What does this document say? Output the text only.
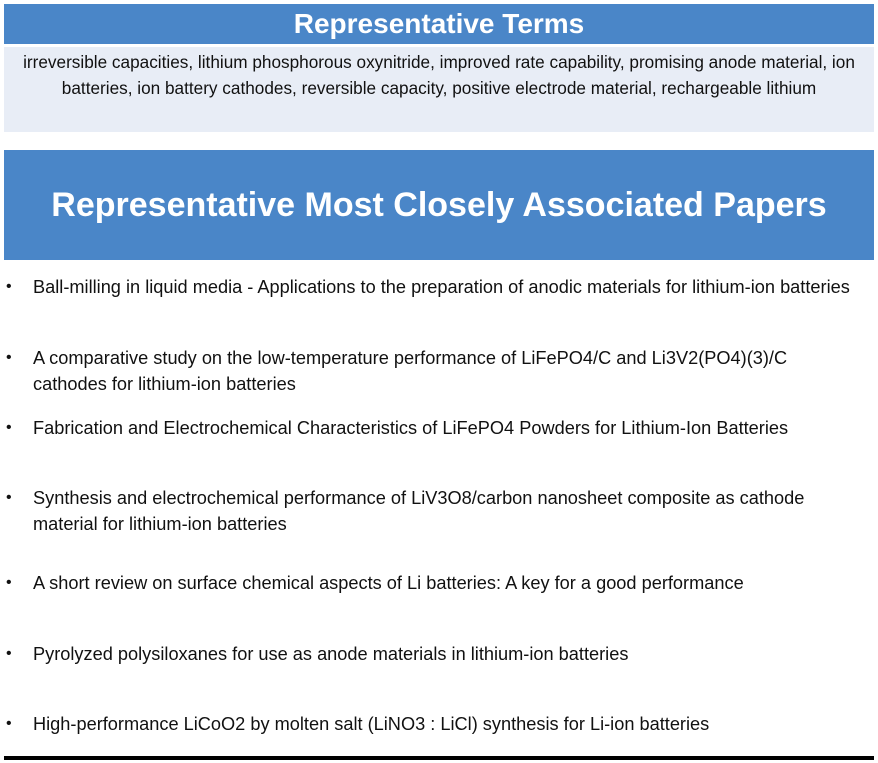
Representative Terms
irreversible capacities, lithium phosphorous oxynitride, improved rate capability, promising anode material, ion batteries, ion battery cathodes, reversible capacity, positive electrode material, rechargeable lithium
Representative Most Closely Associated Papers
• Ball-milling in liquid media - Applications to the preparation of anodic materials for lithium-ion batteries
• A comparative study on the low-temperature performance of LiFePO4/C and Li3V2(PO4)(3)/C cathodes for lithium-ion batteries
• Fabrication and Electrochemical Characteristics of LiFePO4 Powders for Lithium-Ion Batteries
• Synthesis and electrochemical performance of LiV3O8/carbon nanosheet composite as cathode material for lithium-ion batteries
• A short review on surface chemical aspects of Li batteries: A key for a good performance
• Pyrolyzed polysiloxanes for use as anode materials in lithium-ion batteries
• High-performance LiCoO2 by molten salt (LiNO3 : LiCl) synthesis for Li-ion batteries
